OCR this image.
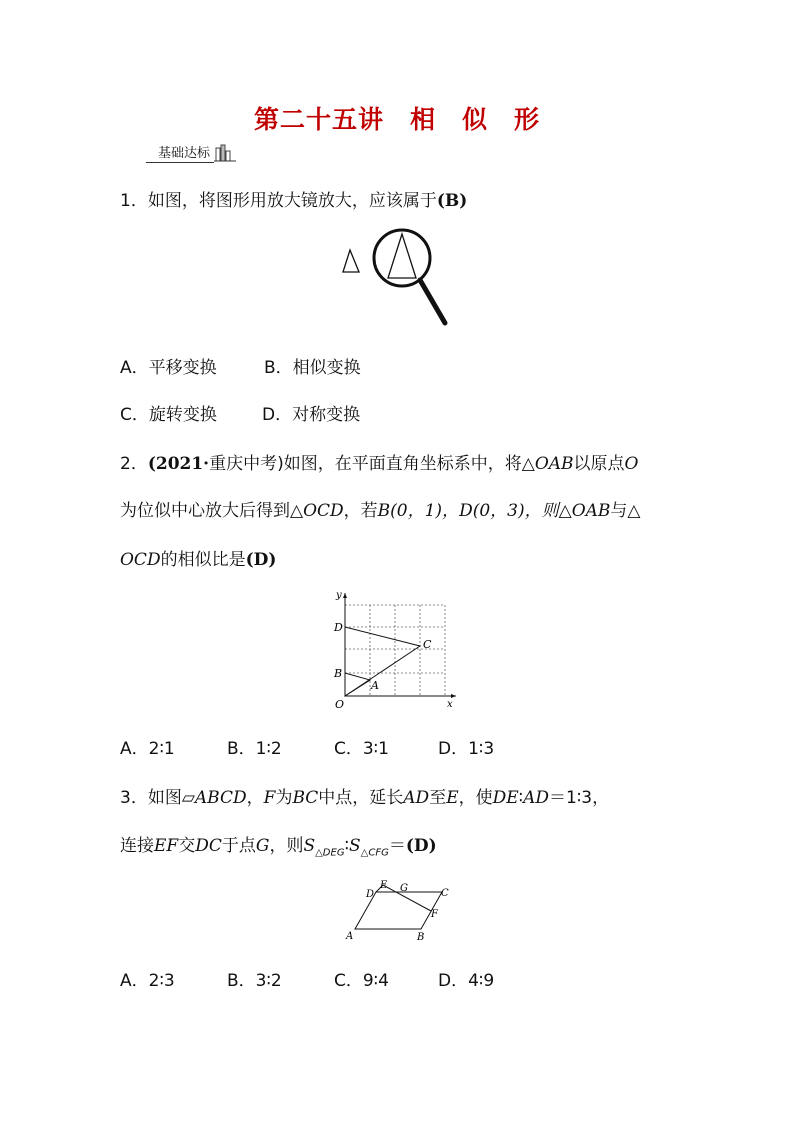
第二十五讲　相　似　形
基础达标
1．如图，将图形用放大镜放大，应该属于(B)
A．平移变换	B．相似变换
C．旋转变换	D．对称变换
2．(2021·重庆中考)如图，在平面直角坐标系中，将△OAB以原点O
为位似中心放大后得到△OCD，若B(0，1)，D(0，3)，则△OAB与△
OCD的相似比是(D)
y
x
O
D
B
A
C
A．2∶1	B．1∶2	C．3∶1	D．1∶3
3．如图▱ABCD，F为BC中点，延长AD至E，使DE∶AD＝1∶3，
连接EF交DC于点G，则$S_{\triangle DEG}∶S_{\triangle CFG}=(D)$
E
D
G	C
F
A	B
A．2∶3	B．3∶2	C．9∶4	D．4∶9
